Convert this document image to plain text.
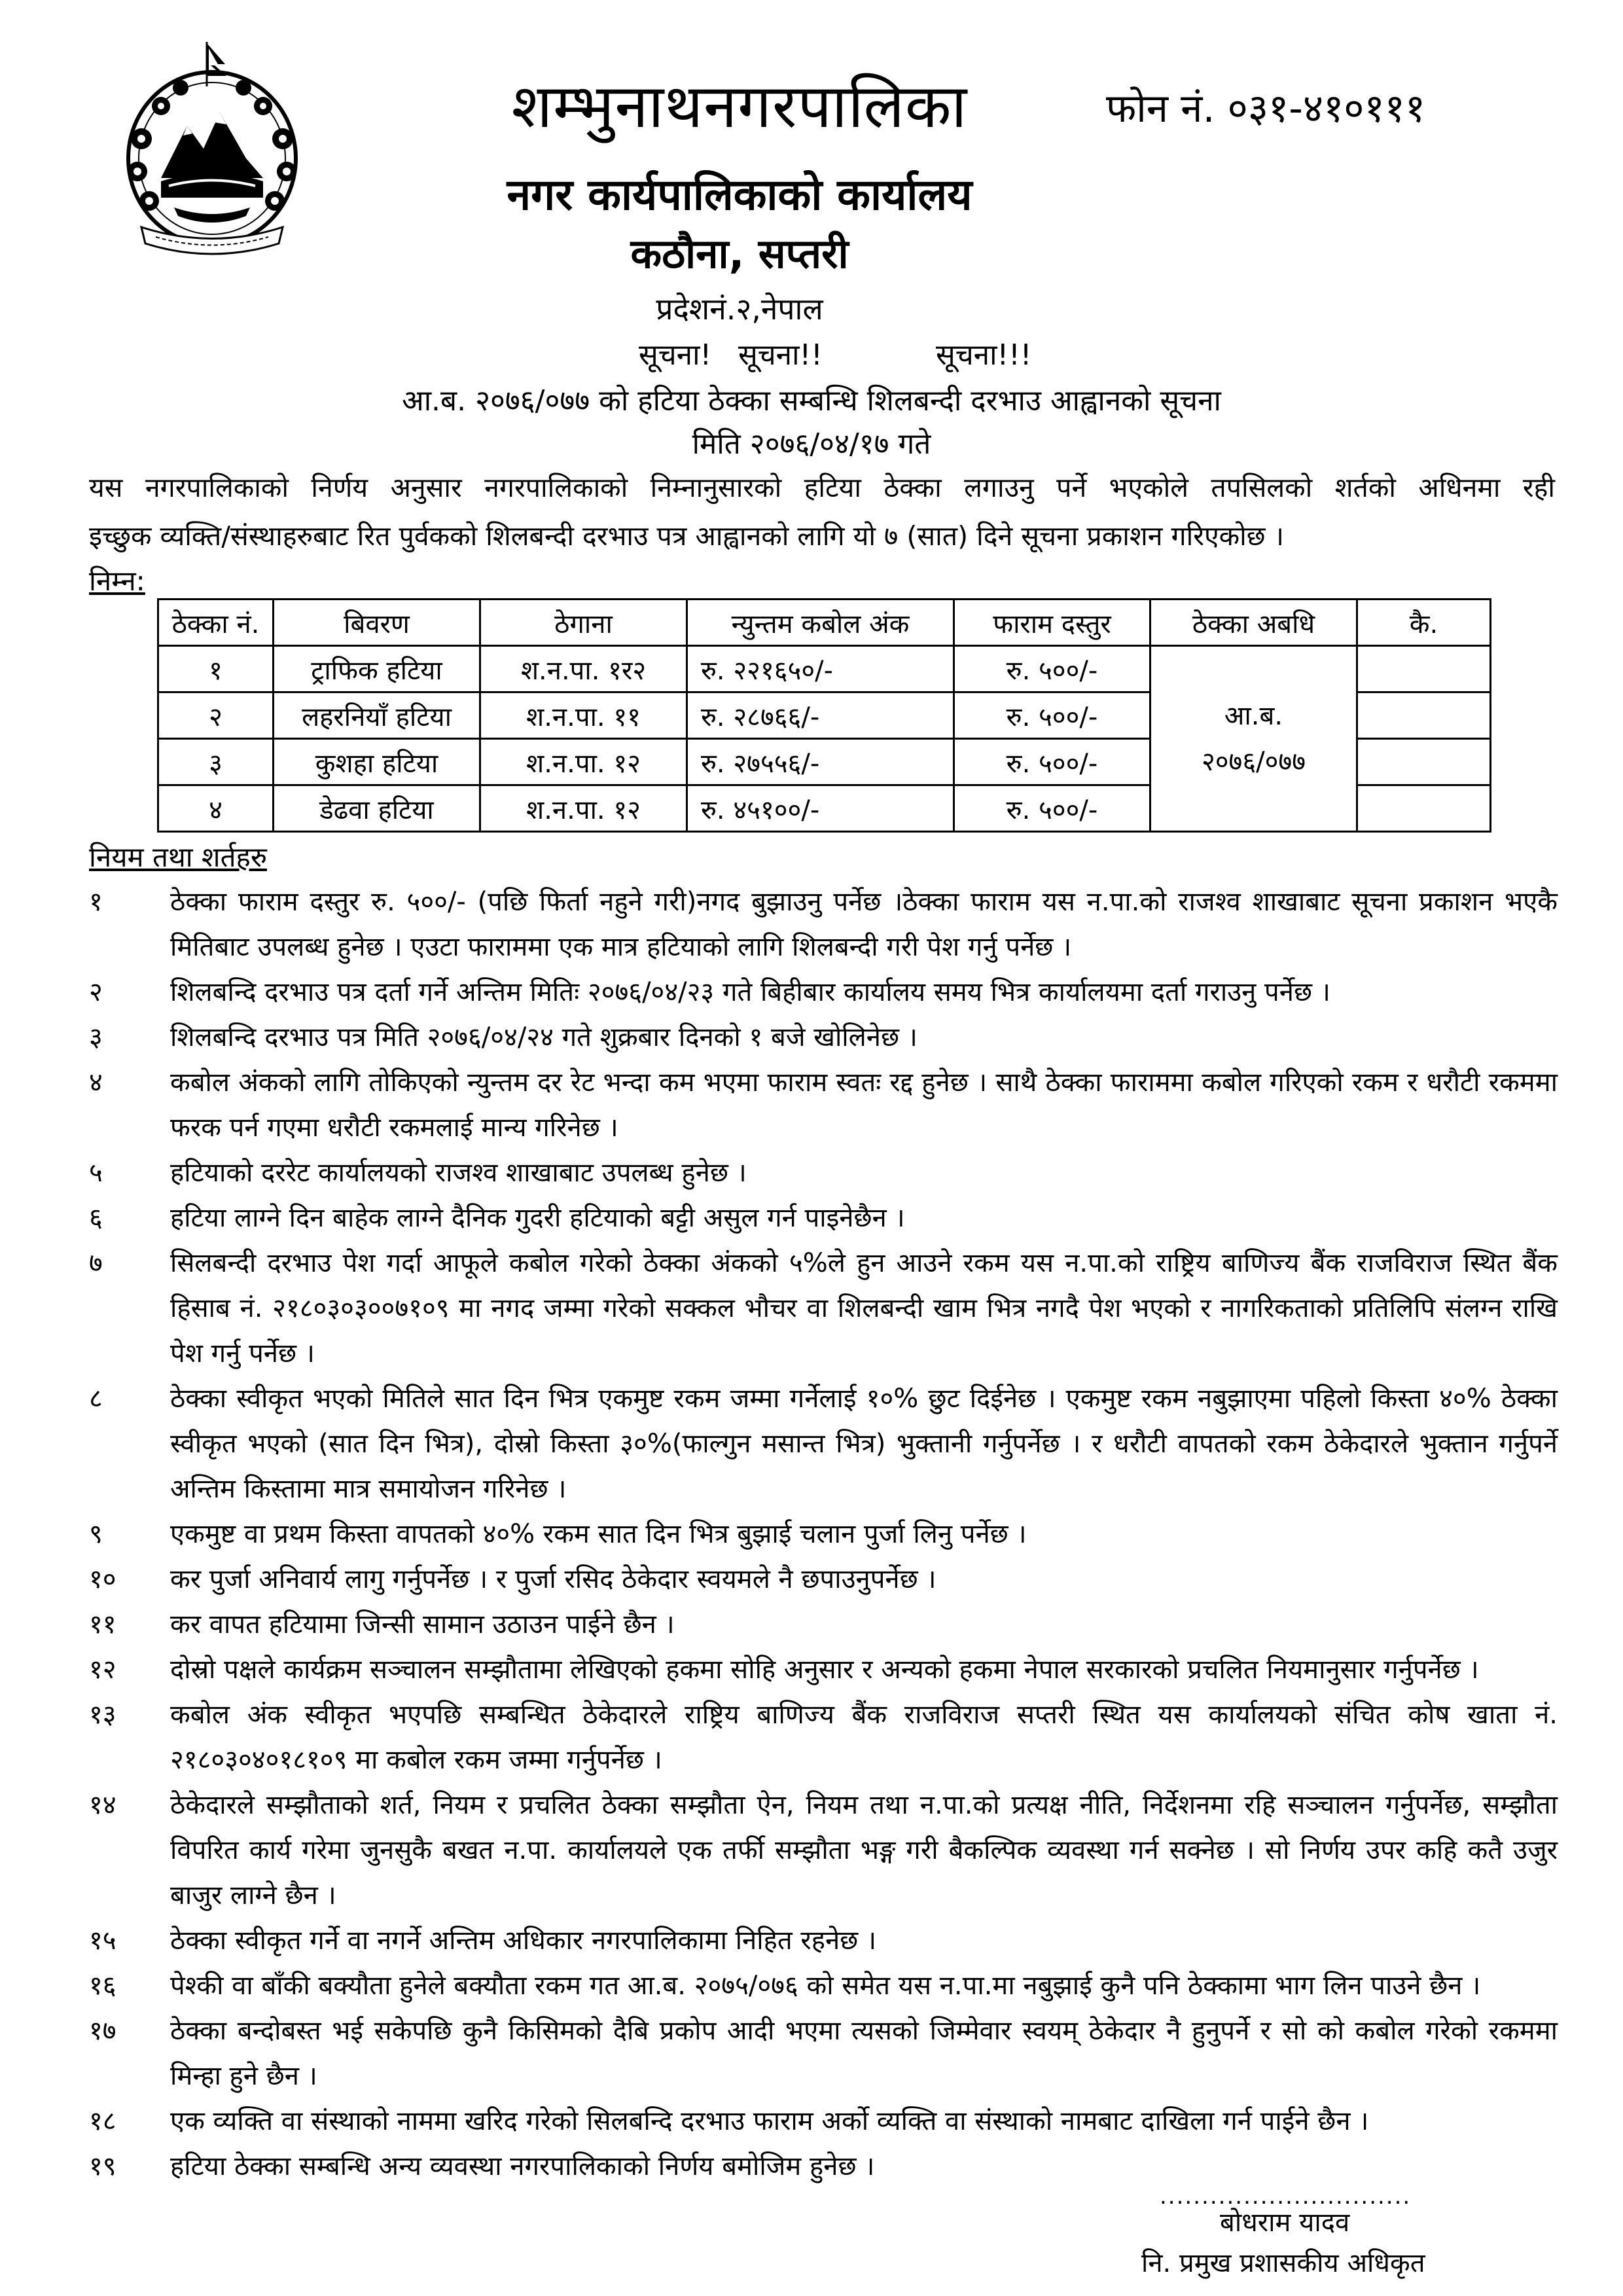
शम्भुनाथनगरपालिका	फोन नं. ०३१-४१०१११
नगर कार्यपालिकाको कार्यालय
कठौना, सप्तरी
प्रदेशनं.२,नेपाल
सूचना! सूचना!!	सूचना!!!
आ.ब. २०७६/०७७ को हटिया ठेक्का सम्बन्धि शिलबन्दी दरभाउ आह्वानको सूचना
मिति २०७६/०४/१७ गते
यस नगरपालिकाको निर्णय अनुसार नगरपालिकाको निम्नानुसारको हटिया ठेक्का लगाउनु पर्ने भएकोले तपसिलको शर्तको अधिनमा रही
इच्छुक व्यक्ति/संस्थाहरुबाट रित पुर्वकको शिलबन्दी दरभाउ पत्र आह्वानको लागि यो ७ (सात) दिने सूचना प्रकाशन गरिएकोछ ।
निम्न:
ठेक्का नं.	बिवरण	ठेगाना	न्युन्तम कबोल अंक	फाराम दस्तुर	ठेक्का अबधि	कै.
१	ट्राफिक हटिया	श.न.पा. १र२	रु. २२१६५०/-	रु. ५००/-	आ.ब.
२०७६/०७७	

२	लहरनियाँ हटिया	श.न.पा. ११	रु. २८७६६/-	रु. ५००/-		
३	कुशहा हटिया	श.न.पा. १२	रु. २७५५६/-	रु. ५००/-		
४	डेढवा हटिया	श.न.पा. १२	रु. ४५१००/-	रु. ५००/-		
नियम तथा शर्तहरु
१	ठेक्का फाराम दस्तुर रु. ५००/- (पछि फिर्ता नहुने गरी)नगद बुझाउनु पर्नेछ ।ठेक्का फाराम यस न.पा.को राजश्व शाखाबाट सूचना प्रकाशन भएकै मितिबाट उपलब्ध हुनेछ । एउटा फाराममा एक मात्र हटियाको लागि शिलबन्दी गरी पेश गर्नु पर्नेछ ।
२	शिलबन्दि दरभाउ पत्र दर्ता गर्ने अन्तिम मितिः २०७६/०४/२३ गते बिहीबार कार्यालय समय भित्र कार्यालयमा दर्ता गराउनु पर्नेछ ।
३	शिलबन्दि दरभाउ पत्र मिति २०७६/०४/२४ गते शुक्रबार दिनको १ बजे खोलिनेछ ।
४	कबोल अंकको लागि तोकिएको न्युन्तम दर रेट भन्दा कम भएमा फाराम स्वतः रद्द हुनेछ । साथै ठेक्का फाराममा कबोल गरिएको रकम र धरौटी रकममा फरक पर्न गएमा धरौटी रकमलाई मान्य गरिनेछ ।
५	हटियाको दररेट कार्यालयको राजश्व शाखाबाट उपलब्ध हुनेछ ।
६	हटिया लाग्ने दिन बाहेक लाग्ने दैनिक गुदरी हटियाको बट्टी असुल गर्न पाइनेछैन ।
७	सिलबन्दी दरभाउ पेश गर्दा आफूले कबोल गरेको ठेक्का अंकको ५%ले हुन आउने रकम यस न.पा.को राष्ट्रिय बाणिज्य बैंक राजविराज स्थित बैंक हिसाब नं. २१८०३०३००७१०९ मा नगद जम्मा गरेको सक्कल भौचर वा शिलबन्दी खाम भित्र नगदै पेश भएको र नागरिकताको प्रतिलिपि संलग्न राखि पेश गर्नु पर्नेछ ।
८	ठेक्का स्वीकृत भएको मितिले सात दिन भित्र एकमुष्ट रकम जम्मा गर्नेलाई १०% छुट दिईनेछ । एकमुष्ट रकम नबुझाएमा पहिलो किस्ता ४०% ठेक्का स्वीकृत भएको (सात दिन भित्र), दोस्रो किस्ता ३०%(फाल्गुन मसान्त भित्र) भुक्तानी गर्नुपर्नेछ । र धरौटी वापतको रकम ठेकेदारले भुक्तान गर्नुपर्ने अन्तिम किस्तामा मात्र समायोजन गरिनेछ ।
९	एकमुष्ट वा प्रथम किस्ता वापतको ४०% रकम सात दिन भित्र बुझाई चलान पुर्जा लिनु पर्नेछ ।
१०	कर पुर्जा अनिवार्य लागु गर्नुपर्नेछ । र पुर्जा रसिद ठेकेदार स्वयमले नै छपाउनुपर्नेछ ।
११	कर वापत हटियामा जिन्सी सामान उठाउन पाईने छैन ।
१२	दोस्रो पक्षले कार्यक्रम सञ्चालन सम्झौतामा लेखिएको हकमा सोहि अनुसार र अन्यको हकमा नेपाल सरकारको प्रचलित नियमानुसार गर्नुपर्नेछ ।
१३	कबोल अंक स्वीकृत भएपछि सम्बन्धित ठेकेदारले राष्ट्रिय बाणिज्य बैंक राजविराज सप्तरी स्थित यस कार्यालयको संचित कोष खाता नं. २१८०३०४०१८१०९ मा कबोल रकम जम्मा गर्नुपर्नेछ ।
१४	ठेकेदारले सम्झौताको शर्त, नियम र प्रचलित ठेक्का सम्झौता ऐन, नियम तथा न.पा.को प्रत्यक्ष नीति, निर्देशनमा रहि सञ्चालन गर्नुपर्नेछ, सम्झौता विपरित कार्य गरेमा जुनसुकै बखत न.पा. कार्यालयले एक तर्फी सम्झौता भङ्ग गरी बैकल्पिक व्यवस्था गर्न सक्नेछ । सो निर्णय उपर कहि कतै उजुर बाजुर लाग्ने छैन ।
१५	ठेक्का स्वीकृत गर्ने वा नगर्ने अन्तिम अधिकार नगरपालिकामा निहित रहनेछ ।
१६	पेश्की वा बाँकी बक्यौता हुनेले बक्यौता रकम गत आ.ब. २०७५/०७६ को समेत यस न.पा.मा नबुझाई कुनै पनि ठेक्कामा भाग लिन पाउने छैन ।
१७	ठेक्का बन्दोबस्त भई सकेपछि कुनै किसिमको दैबि प्रकोप आदी भएमा त्यसको जिम्मेवार स्वयम् ठेकेदार नै हुनुपर्ने र सो को कबोल गरेको रकममा मिन्हा हुने छैन ।
१८	एक व्यक्ति वा संस्थाको नाममा खरिद गरेको सिलबन्दि दरभाउ फाराम अर्को व्यक्ति वा संस्थाको नामबाट दाखिला गर्न पाईने छैन ।
१९	हटिया ठेक्का सम्बन्धि अन्य व्यवस्था नगरपालिकाको निर्णय बमोजिम हुनेछ ।
..............................
बोधराम यादव
नि. प्रमुख प्रशासकीय अधिकृत
